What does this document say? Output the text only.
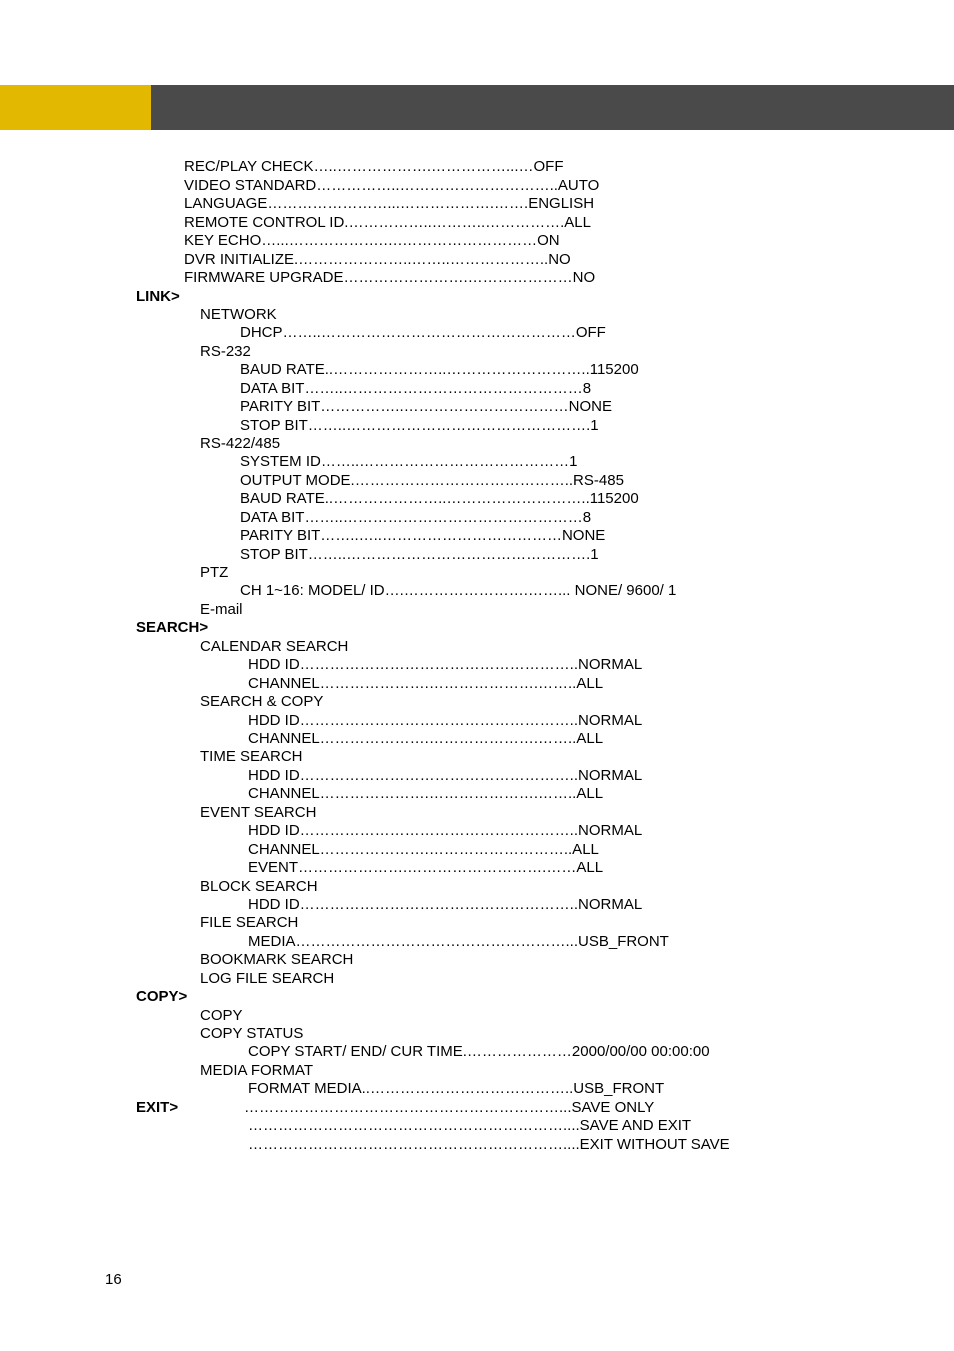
REC/PLAY CHECK…..……………….……………...…OFF
VIDEO STANDARD……………..…………………………..AUTO
LANGUAGE……………………...……………….…….ENGLISH
REMOTE CONTROL ID.……………..………..…………….ALL
KEY ECHO…...……………….….………………………ON
DVR INITIALIZE.…………………..……..………………..NO
FIRMWARE UPGRADE…………………….…………………NO
LINK>
NETWORK
DHCP……..……………………………………………OFF
RS-232
BAUD RATE..…………………..………………………..115200
DATA BIT……..…………………………………………8
PARITY BIT……………..……………………………NONE
STOP BIT……..………………………………………….1
RS-422/485
SYSTEM ID……..……………………………………1
OUTPUT MODE.……………………………………..RS-485
BAUD RATE..…………………..………………………..115200
DATA BIT……..…………………………………………8
PARITY BIT……..…..………………………………NONE
STOP BIT……..………………………………………….1
PTZ
CH 1~16: MODEL/ ID….…………………….……... NONE/ 9600/ 1
E-mail
SEARCH>
CALENDAR SEARCH
HDD ID………………………………………………..NORMAL
CHANNEL………………….………………….……..ALL
SEARCH & COPY
HDD ID………………………………………………..NORMAL
CHANNEL………………….………………….……..ALL
TIME SEARCH
HDD ID………………………………………………..NORMAL
CHANNEL………………….………………….……..ALL
EVENT SEARCH
HDD ID………………………………………………..NORMAL
CHANNEL………………….………………………..ALL
EVENT………………….……………………….……ALL
BLOCK SEARCH
HDD ID………………………………………………..NORMAL
FILE SEARCH
MEDIA………………………………………………...USB_FRONT
BOOKMARK SEARCH
LOG FILE SEARCH
COPY>
COPY
COPY STATUS
COPY START/ END/ CUR TIME.…………………2000/00/00 00:00:00
MEDIA FORMAT
FORMAT MEDIA..…………………………………..USB_FRONT
EXIT>	………………………………………………………...SAVE ONLY
………………………………………………………....SAVE AND EXIT
………………………………………………………....EXIT WITHOUT SAVE
16
